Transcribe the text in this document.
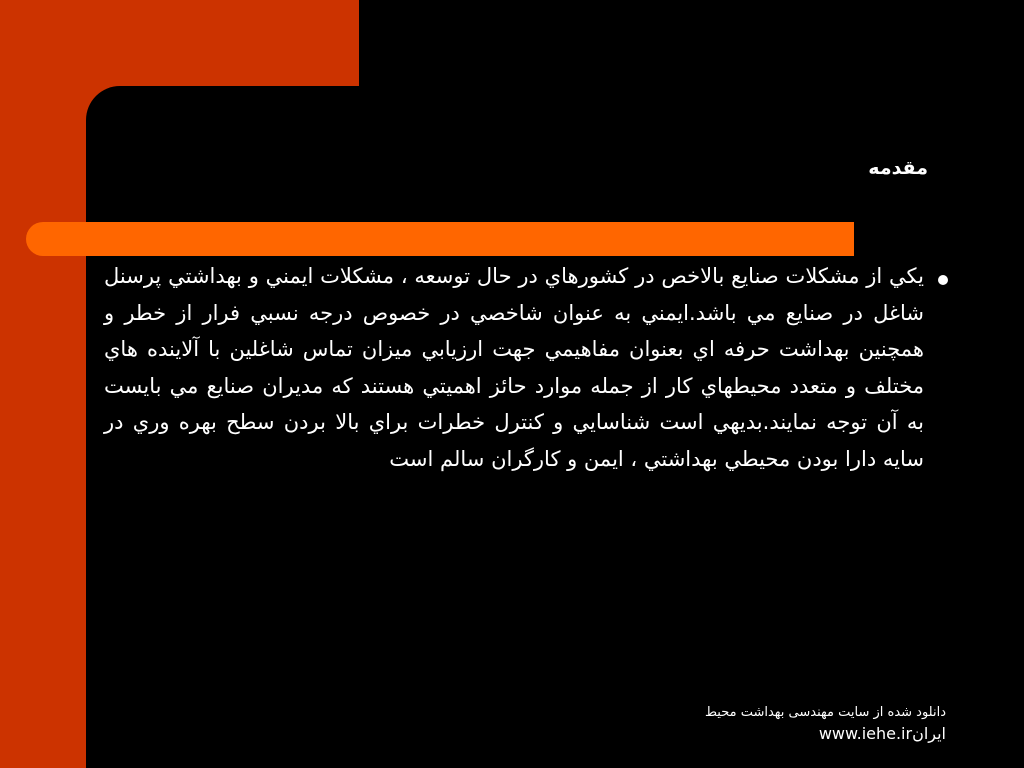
مقدمه

يكي از مشكلات صنايع بالاخص در كشورهاي در حال توسعه ، مشكلات ايمني و بهداشتي پرسنل شاغل در صنايع مي باشد.ايمني به عنوان شاخصي در خصوص درجه نسبي فرار از خطر و همچنين بهداشت حرفه اي بعنوان مفاهيمي جهت ارزيابي ميزان تماس شاغلين با آلاينده هاي مختلف و متعدد محيطهاي كار از جمله موارد حائز اهميتي هستند كه مديران صنايع مي بايست به آن توجه نمايند.بديهي است شناسايي و كنترل خطرات براي بالا بردن سطح بهره وري در سايه دارا بودن محيطي بهداشتي ، ايمن و كارگران سالم است

دانلود شده از سایت مهندسی بهداشت محیط
ایرانwww.iehe.ir
